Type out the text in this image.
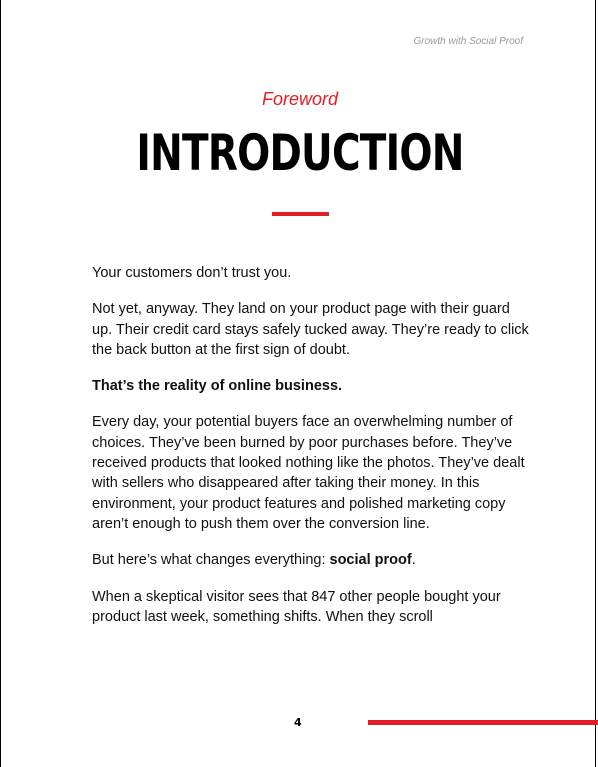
Growth with Social Proof
Foreword
INTRODUCTION

Your customers don’t trust you.

Not yet, anyway. They land on your product page with their guard up. Their credit card stays safely tucked away. They’re ready to click the back button at the first sign of doubt.

That’s the reality of online business.

Every day, your potential buyers face an overwhelming number of choices. They’ve been burned by poor purchases before. They’ve received products that looked nothing like the photos. They’ve dealt with sellers who disappeared after taking their money. In this environment, your product features and polished marketing copy aren’t enough to push them over the conversion line.

But here’s what changes everything: social proof.

When a skeptical visitor sees that 847 other people bought your product last week, something shifts. When they scroll

4
